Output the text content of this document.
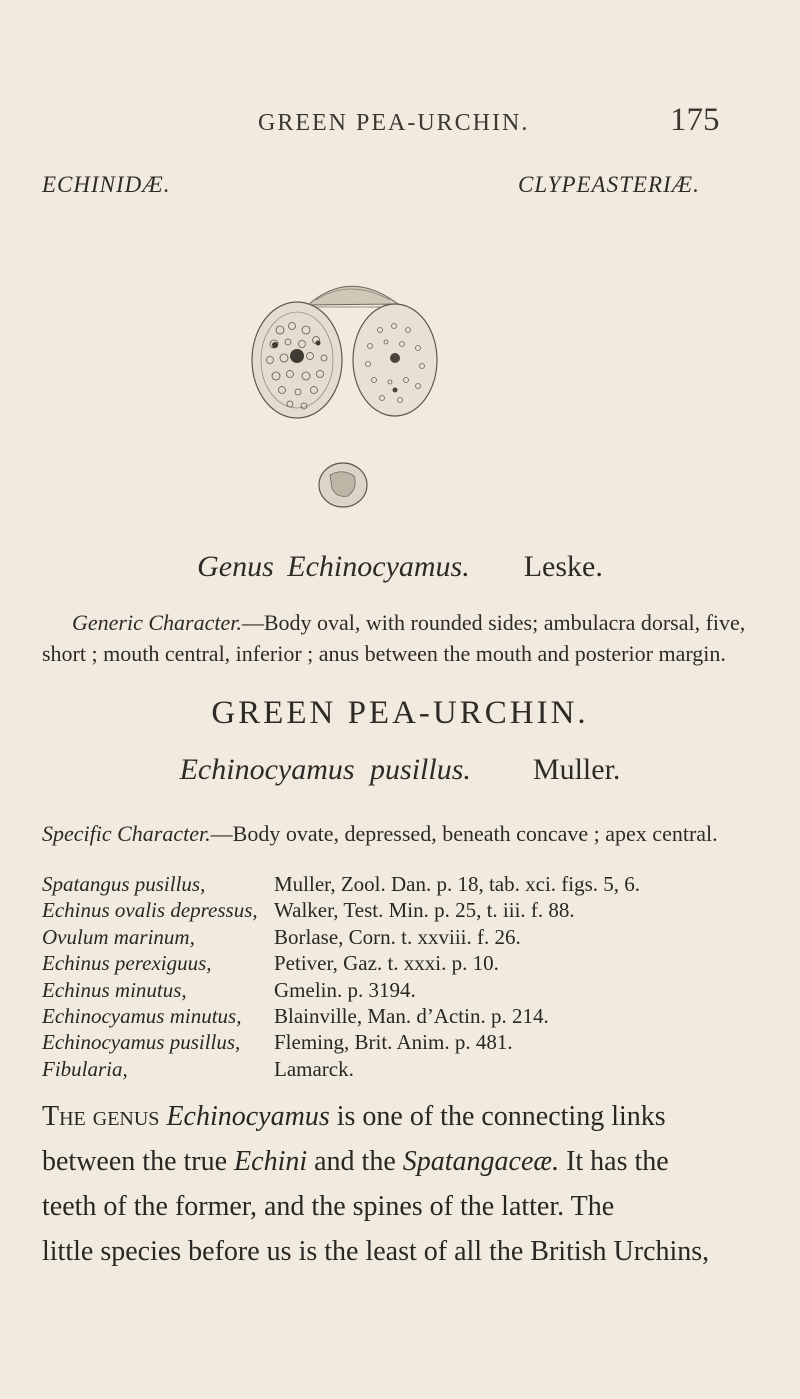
GREEN PEA-URCHIN.	175
ECHINIDÆ.	CLYPEASTERIÆ.
Genus Echinocyamus. Leske.
Generic Character.—Body oval, with rounded sides; ambulacra dorsal, five,
short ; mouth central, inferior ; anus between the mouth and posterior margin.
GREEN PEA-URCHIN.
Echinocyamus pusillus. Muller.
Specific Character.—Body ovate, depressed, beneath concave ; apex central.
Spatangus pusillus,	Muller, Zool. Dan. p. 18, tab. xci. figs. 5, 6.
Echinus ovalis depressus, Walker, Test. Min. p. 25, t. iii. f. 88.
Ovulum marinum,	Borlase, Corn. t. xxviii. f. 26.
Echinus perexiguus,	Petiver, Gaz. t. xxxi. p. 10.
Echinus minutus,	Gmelin. p. 3194.
Echinocyamus minutus, Blainville, Man. d’Actin. p. 214.
Echinocyamus pusillus, Fleming, Brit. Anim. p. 481.
Fibularia,	Lamarck.
The genus Echinocyamus is one of the connecting links
between the true Echini and the Spatangaceæ. It has the
teeth of the former, and the spines of the latter. The
little species before us is the least of all the British Urchins,
